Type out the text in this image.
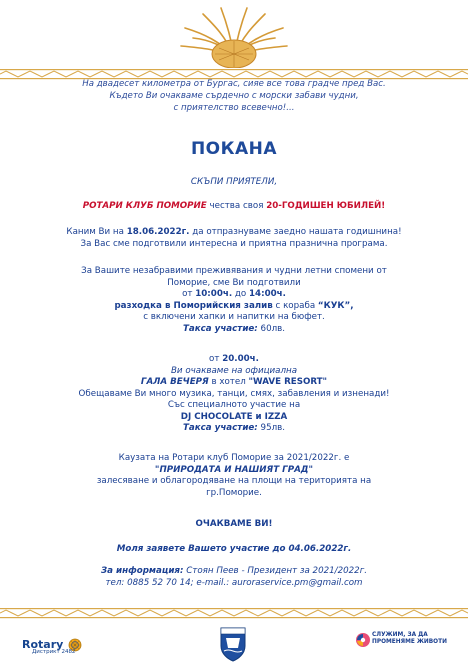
На двадесет километра от Бургас, сияе все това градче пред Вас.
Където Ви очакваме сърдечно с морски забави чудни,
с приятелство всевечно!...
ПОКАНА
СКЪПИ ПРИЯТЕЛИ,
РОТАРИ КЛУБ ПОМОРИЕ чества своя 20-ГОДИШЕН ЮБИЛЕЙ!
Каним Ви на 18.06.2022г. да отпразнуваме заедно нашата годишнина!
За Вас сме подготвили интересна и приятна празнична програма.
За Вашите незабравими преживявания и чудни летни спомени от
Поморие, сме Ви подготвили
от 10:00ч. до 14:00ч.
разходка в Поморийския залив с кораба “КУК”,
с включени хапки и напитки на бюфет.
Такса участие: 60лв.
от 20.00ч.
Ви очакваме на официална
ГАЛА ВЕЧЕРЯ в хотел "WAVE RESORT"
Обещаваме Ви много музика, танци, смях, забавления и изненади!
Със специалното участие на
DJ CHOCOLATE и IZZA
Такса участие: 95лв.
Каузата на Ротари клуб Поморие за 2021/2022г. е
"ПРИРОДАТА И НАШИЯТ ГРАД"
залесяване и облагородяване на площи на територията на
гр.Поморие.
ОЧАКВАМЕ ВИ!
Моля заявете Вашето участие до 04.06.2022г.
За информация: Стоян Пеев - Президент за 2021/2022г.
тел: 0885 52 70 14; e-mail.: auroraservice.pm@gmail.com
Rotary
Дистрикт 2482
СЛУЖИМ, ЗА ДА
ПРОМЕНЯМЕ ЖИВОТИ
